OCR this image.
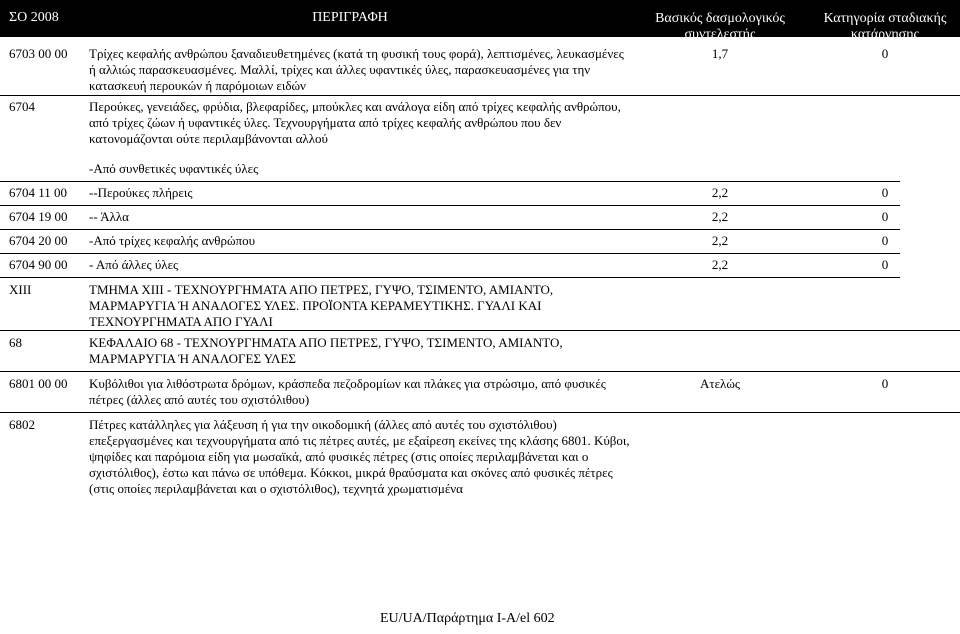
ΣΟ 2008	ΠΕΡΙΓΡΑΦΗ	Βασικός δασμολογικός
συντελεστής
Κατηγορία σταδιακής
κατάργησης
6703 00 00 Τρίχες κεφαλής ανθρώπου ξαναδιευθετημένες (κατά τη φυσική τους φορά), λεπτισμένες, λευκασμένες

ή αλλιώς παρασκευασμένες. Μαλλί, τρίχες και άλλες υφαντικές ύλες, παρασκευασμένες για την

κατασκευή περουκών ή παρόμοιων ειδών

1,7	0
6704	Περούκες, γενειάδες, φρύδια, βλεφαρίδες, μπούκλες και ανάλογα είδη από τρίχες κεφαλής ανθρώπου,

από τρίχες ζώων ή υφαντικές ύλες. Τεχνουργήματα από τρίχες κεφαλής ανθρώπου που δεν

κατονομάζονται ούτε περιλαμβάνονται αλλού

-Από συνθετικές υφαντικές ύλες

6704 11 00 --Περούκες πλήρεις	2,2	0
6704 19 00 -- Άλλα	2,2	0
6704 20 00 -Από τρίχες κεφαλής ανθρώπου	2,2	0
6704 90 00 - Από άλλες ύλες	2,2	0
XIII	ΤΜΗΜΑ XIII - ΤΕΧΝΟΥΡΓΗΜΑΤΑ ΑΠΟ ΠΕΤΡΕΣ, ΓΥΨΟ, ΤΣΙΜΕΝΤΟ, ΑΜΙΑΝΤΟ,

ΜΑΡΜΑΡΥΓΙΑ Ή ΑΝΑΛΟΓΕΣ ΥΛΕΣ. ΠΡΟΪΟΝΤΑ ΚΕΡΑΜΕΥΤΙΚΗΣ. ΓΥΑΛΙ ΚΑΙ

ΤΕΧΝΟΥΡΓΗΜΑΤΑ ΑΠΟ ΓΥΑΛΙ

68	ΚΕΦΑΛΑΙΟ 68 - ΤΕΧΝΟΥΡΓΗΜΑΤΑ ΑΠΟ ΠΕΤΡΕΣ, ΓΥΨΟ, ΤΣΙΜΕΝΤΟ, ΑΜΙΑΝΤΟ,

ΜΑΡΜΑΡΥΓΙΑ Ή ΑΝΑΛΟΓΕΣ ΥΛΕΣ

6801 00 00 Κυβόλιθοι για λιθόστρωτα δρόμων, κράσπεδα πεζοδρομίων και πλάκες για στρώσιμο, από φυσικές

πέτρες (άλλες από αυτές του σχιστόλιθου)

Ατελώς	0
6802	Πέτρες κατάλληλες για λάξευση ή για την οικοδομική (άλλες από αυτές του σχιστόλιθου)

επεξεργασμένες και τεχνουργήματα από τις πέτρες αυτές, με εξαίρεση εκείνες της κλάσης 6801. Κύβοι,

ψηφίδες και παρόμοια είδη για μωσαϊκά, από φυσικές πέτρες (στις οποίες περιλαμβάνεται και ο

σχιστόλιθος), έστω και πάνω σε υπόθεμα. Κόκκοι, μικρά θραύσματα και σκόνες από φυσικές πέτρες

(στις οποίες περιλαμβάνεται και ο σχιστόλιθος), τεχνητά χρωματισμένα

EU/UA/Παράρτημα I-A/el 602
